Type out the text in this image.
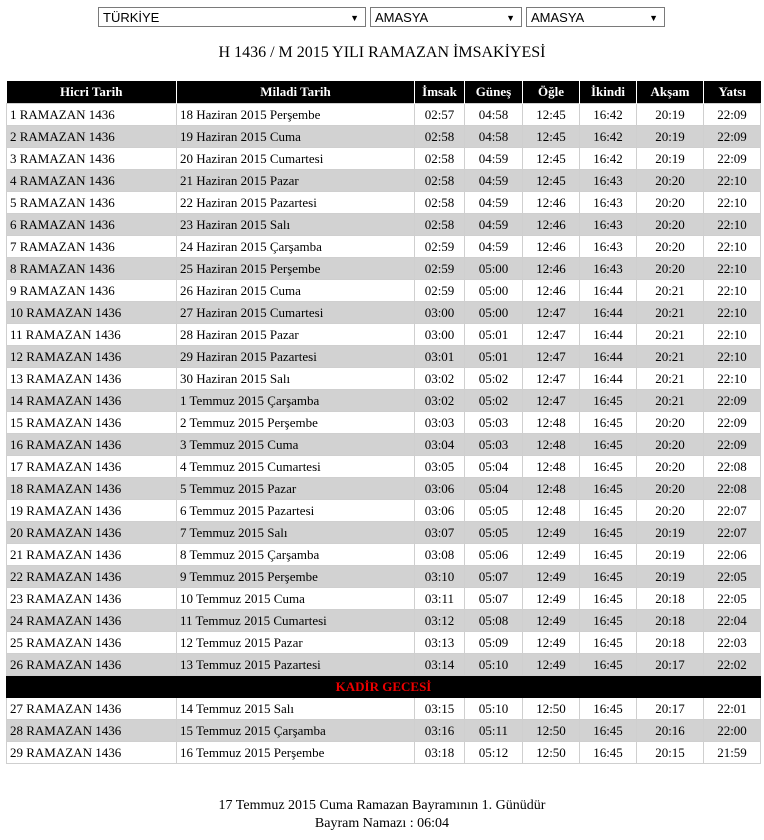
TÜRKİYE	▼	AMASYA	▼	AMASYA	▼
H 1436 / M 2015 YILI RAMAZAN İMSAKİYESİ
Hicri Tarih	Miladi Tarih	İmsak	Güneş	Öğle	İkindi	Akşam	Yatsı
1 RAMAZAN 1436	18 Haziran 2015 Perşembe	02:57	04:58	12:45	16:42	20:19	22:09
2 RAMAZAN 1436	19 Haziran 2015 Cuma	02:58	04:58	12:45	16:42	20:19	22:09
3 RAMAZAN 1436	20 Haziran 2015 Cumartesi	02:58	04:59	12:45	16:42	20:19	22:09
4 RAMAZAN 1436	21 Haziran 2015 Pazar	02:58	04:59	12:45	16:43	20:20	22:10
5 RAMAZAN 1436	22 Haziran 2015 Pazartesi	02:58	04:59	12:46	16:43	20:20	22:10
6 RAMAZAN 1436	23 Haziran 2015 Salı	02:58	04:59	12:46	16:43	20:20	22:10
7 RAMAZAN 1436	24 Haziran 2015 Çarşamba	02:59	04:59	12:46	16:43	20:20	22:10
8 RAMAZAN 1436	25 Haziran 2015 Perşembe	02:59	05:00	12:46	16:43	20:20	22:10
9 RAMAZAN 1436	26 Haziran 2015 Cuma	02:59	05:00	12:46	16:44	20:21	22:10
10 RAMAZAN 1436	27 Haziran 2015 Cumartesi	03:00	05:00	12:47	16:44	20:21	22:10
11 RAMAZAN 1436	28 Haziran 2015 Pazar	03:00	05:01	12:47	16:44	20:21	22:10
12 RAMAZAN 1436	29 Haziran 2015 Pazartesi	03:01	05:01	12:47	16:44	20:21	22:10
13 RAMAZAN 1436	30 Haziran 2015 Salı	03:02	05:02	12:47	16:44	20:21	22:10
14 RAMAZAN 1436	1 Temmuz 2015 Çarşamba	03:02	05:02	12:47	16:45	20:21	22:09
15 RAMAZAN 1436	2 Temmuz 2015 Perşembe	03:03	05:03	12:48	16:45	20:20	22:09
16 RAMAZAN 1436	3 Temmuz 2015 Cuma	03:04	05:03	12:48	16:45	20:20	22:09
17 RAMAZAN 1436	4 Temmuz 2015 Cumartesi	03:05	05:04	12:48	16:45	20:20	22:08
18 RAMAZAN 1436	5 Temmuz 2015 Pazar	03:06	05:04	12:48	16:45	20:20	22:08
19 RAMAZAN 1436	6 Temmuz 2015 Pazartesi	03:06	05:05	12:48	16:45	20:20	22:07
20 RAMAZAN 1436	7 Temmuz 2015 Salı	03:07	05:05	12:49	16:45	20:19	22:07
21 RAMAZAN 1436	8 Temmuz 2015 Çarşamba	03:08	05:06	12:49	16:45	20:19	22:06
22 RAMAZAN 1436	9 Temmuz 2015 Perşembe	03:10	05:07	12:49	16:45	20:19	22:05
23 RAMAZAN 1436	10 Temmuz 2015 Cuma	03:11	05:07	12:49	16:45	20:18	22:05
24 RAMAZAN 1436	11 Temmuz 2015 Cumartesi	03:12	05:08	12:49	16:45	20:18	22:04
25 RAMAZAN 1436	12 Temmuz 2015 Pazar	03:13	05:09	12:49	16:45	20:18	22:03
26 RAMAZAN 1436	13 Temmuz 2015 Pazartesi	03:14	05:10	12:49	16:45	20:17	22:02
KADİR GECESİ							
27 RAMAZAN 1436	14 Temmuz 2015 Salı	03:15	05:10	12:50	16:45	20:17	22:01
28 RAMAZAN 1436	15 Temmuz 2015 Çarşamba	03:16	05:11	12:50	16:45	20:16	22:00
29 RAMAZAN 1436	16 Temmuz 2015 Perşembe	03:18	05:12	12:50	16:45	20:15	21:59
17 Temmuz 2015 Cuma Ramazan Bayramının 1. Günüdür
Bayram Namazı : 06:04
